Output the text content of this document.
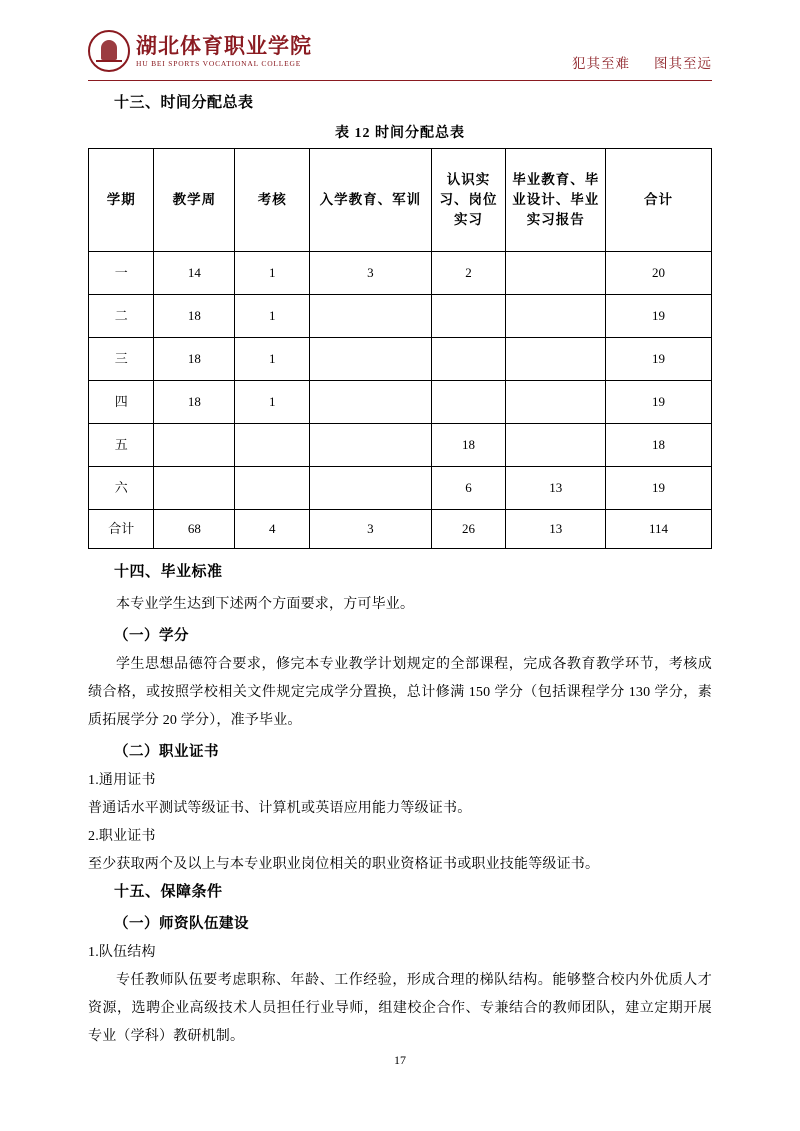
湖北体育职业学院
HU BEI SPORTS VOCATIONAL COLLEGE	犯其至难 图其至远
十三、时间分配总表
表 12 时间分配总表
学期	教学周	考核	入学教育、军训	认识实习、岗位实习	毕业教育、毕业设计、毕业实习报告	合计
一	14	1	3	2		20
二	18	1				19
三	18	1				19
四	18	1				19
五				18		18
六				6	13	19
合计	68	4	3	26	13	114
十四、毕业标准

本专业学生达到下述两个方面要求，方可毕业。

（一）学分

学生思想品德符合要求，修完本专业教学计划规定的全部课程，完成各教育教学环节，考核成绩合格，或按照学校相关文件规定完成学分置换，总计修满 150 学分（包括课程学分 130 学分，素质拓展学分 20 学分），准予毕业。

（二）职业证书

1.通用证书

普通话水平测试等级证书、计算机或英语应用能力等级证书。

2.职业证书

至少获取两个及以上与本专业职业岗位相关的职业资格证书或职业技能等级证书。

十五、保障条件
（一）师资队伍建设

1.队伍结构

专任教师队伍要考虑职称、年龄、工作经验，形成合理的梯队结构。能够整合校内外优质人才资源，选聘企业高级技术人员担任行业导师，组建校企合作、专兼结合的教师团队，建立定期开展专业（学科）教研机制。

17
